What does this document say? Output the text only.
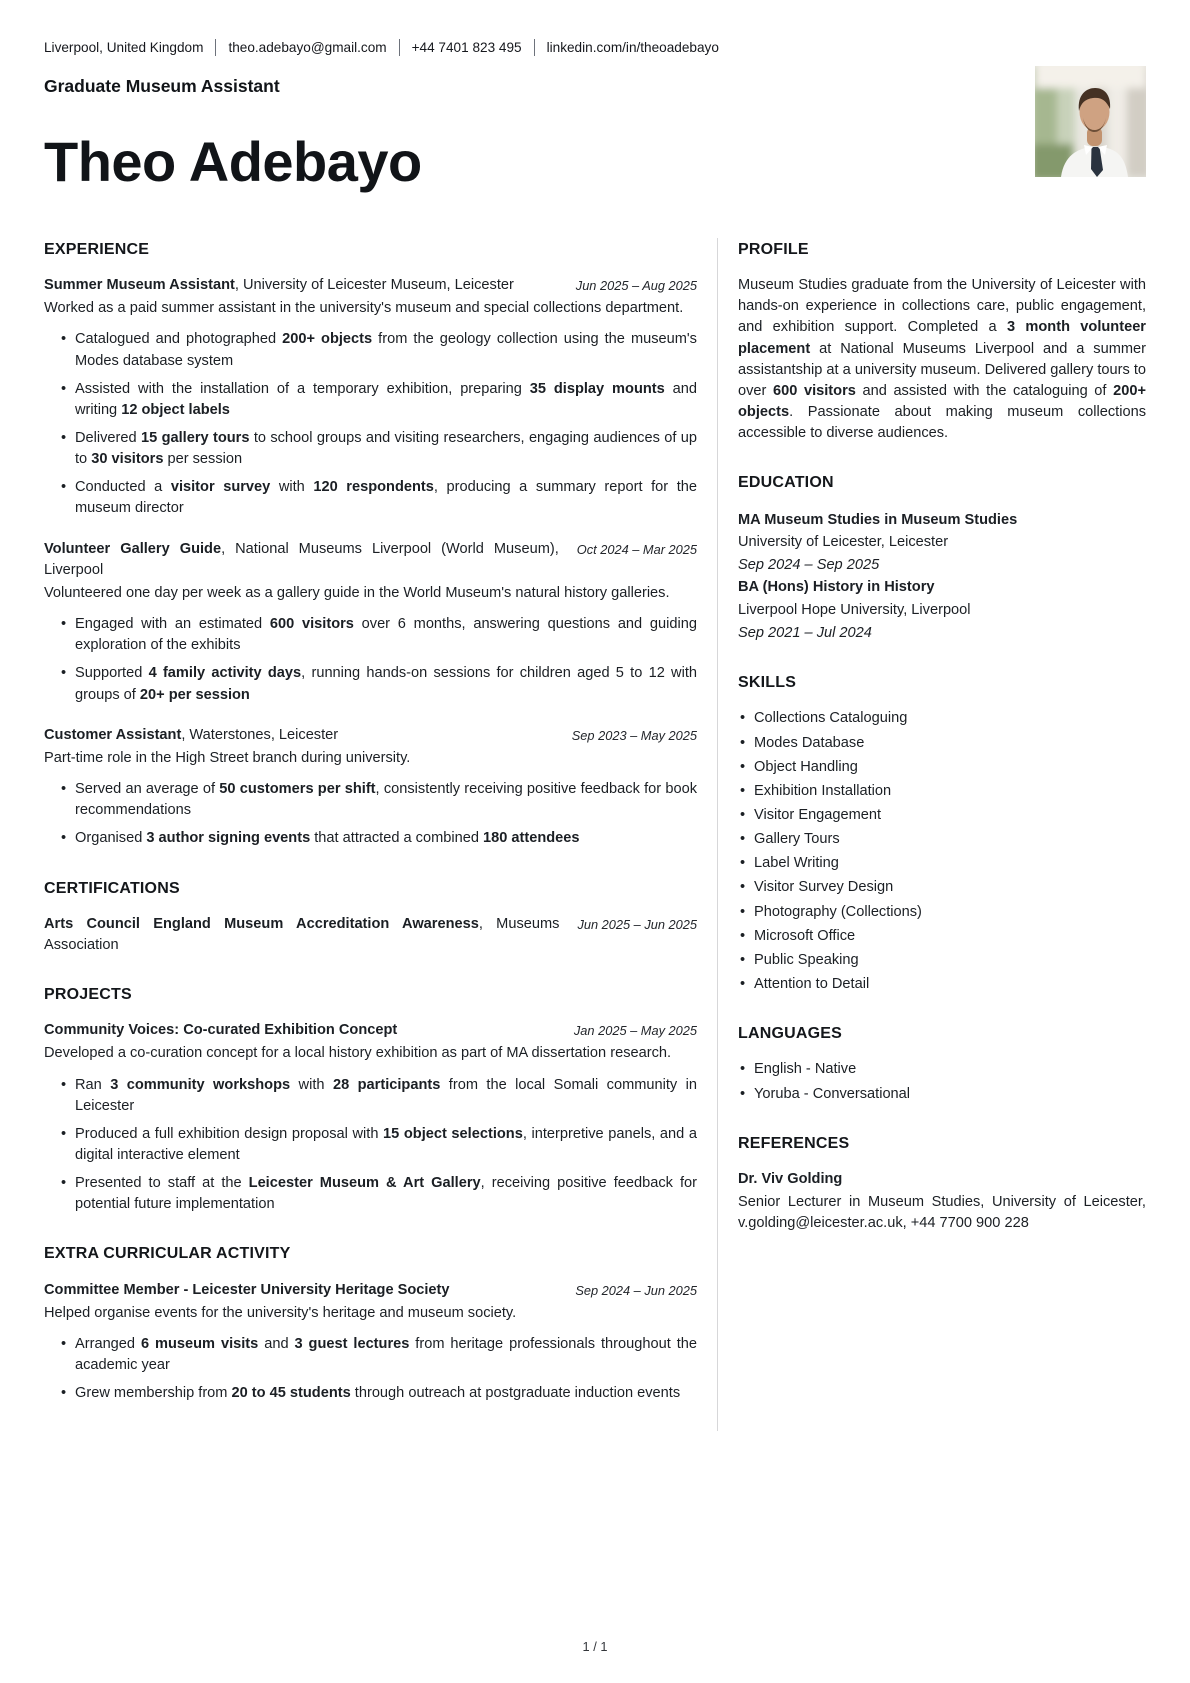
Liverpool, United Kingdom theo.adebayo@gmail.com +44 7401 823 495 linkedin.com/in/theoadebayo
Graduate Museum Assistant
Theo Adebayo
EXPERIENCE
Summer Museum Assistant, University of Leicester Museum, Leicester	Jun 2025 – Aug 2025
Worked as a paid summer assistant in the university's museum and special collections department.
• Catalogued and photographed 200+ objects from the geology collection using the museum's Modes database system
• Assisted with the installation of a temporary exhibition, preparing 35 display mounts and writing 12 object labels
• Delivered 15 gallery tours to school groups and visiting researchers, engaging audiences of up to 30 visitors per session
• Conducted a visitor survey with 120 respondents, producing a summary report for the museum director
Volunteer Gallery Guide, National Museums Liverpool (World Museum), Liverpool
Oct 2024 – Mar 2025
Volunteered one day per week as a gallery guide in the World Museum's natural history galleries.
• Engaged with an estimated 600 visitors over 6 months, answering questions and guiding exploration of the exhibits
• Supported 4 family activity days, running hands-on sessions for children aged 5 to 12 with groups of 20+ per session
Customer Assistant, Waterstones, Leicester	Sep 2023 – May 2025
Part-time role in the High Street branch during university.
• Served an average of 50 customers per shift, consistently receiving positive feedback for book recommendations
• Organised 3 author signing events that attracted a combined 180 attendees
CERTIFICATIONS
Arts Council England Museum Accreditation Awareness, Museums Association
Jun 2025 – Jun 2025
PROJECTS
Community Voices: Co-curated Exhibition Concept	Jan 2025 – May 2025
Developed a co-curation concept for a local history exhibition as part of MA dissertation research.
• Ran 3 community workshops with 28 participants from the local Somali community in Leicester
• Produced a full exhibition design proposal with 15 object selections, interpretive panels, and a digital interactive element
• Presented to staff at the Leicester Museum & Art Gallery, receiving positive feedback for potential future implementation
EXTRA CURRICULAR ACTIVITY
Committee Member - Leicester University Heritage Society	Sep 2024 – Jun 2025
Helped organise events for the university's heritage and museum society.
• Arranged 6 museum visits and 3 guest lectures from heritage professionals throughout the academic year
• Grew membership from 20 to 45 students through outreach at postgraduate induction events
PROFILE
Museum Studies graduate from the University of Leicester with hands-on experience in collections care, public engagement, and exhibition support. Completed a 3 month volunteer placement at National Museums Liverpool and a summer assistantship at a university museum. Delivered gallery tours to over 600 visitors and assisted with the cataloguing of 200+ objects. Passionate about making museum collections accessible to diverse audiences.
EDUCATION
MA Museum Studies in Museum Studies
University of Leicester, Leicester
Sep 2024 – Sep 2025
BA (Hons) History in History
Liverpool Hope University, Liverpool
Sep 2021 – Jul 2024
SKILLS
• Collections Cataloguing
• Modes Database
• Object Handling
• Exhibition Installation
• Visitor Engagement
• Gallery Tours
• Label Writing
• Visitor Survey Design
• Photography (Collections)
• Microsoft Office
• Public Speaking
• Attention to Detail
LANGUAGES
• English - Native
• Yoruba - Conversational
REFERENCES
Dr. Viv Golding
Senior Lecturer in Museum Studies, University of Leicester, v.golding@leicester.ac.uk, +44 7700 900 228
1 / 1
